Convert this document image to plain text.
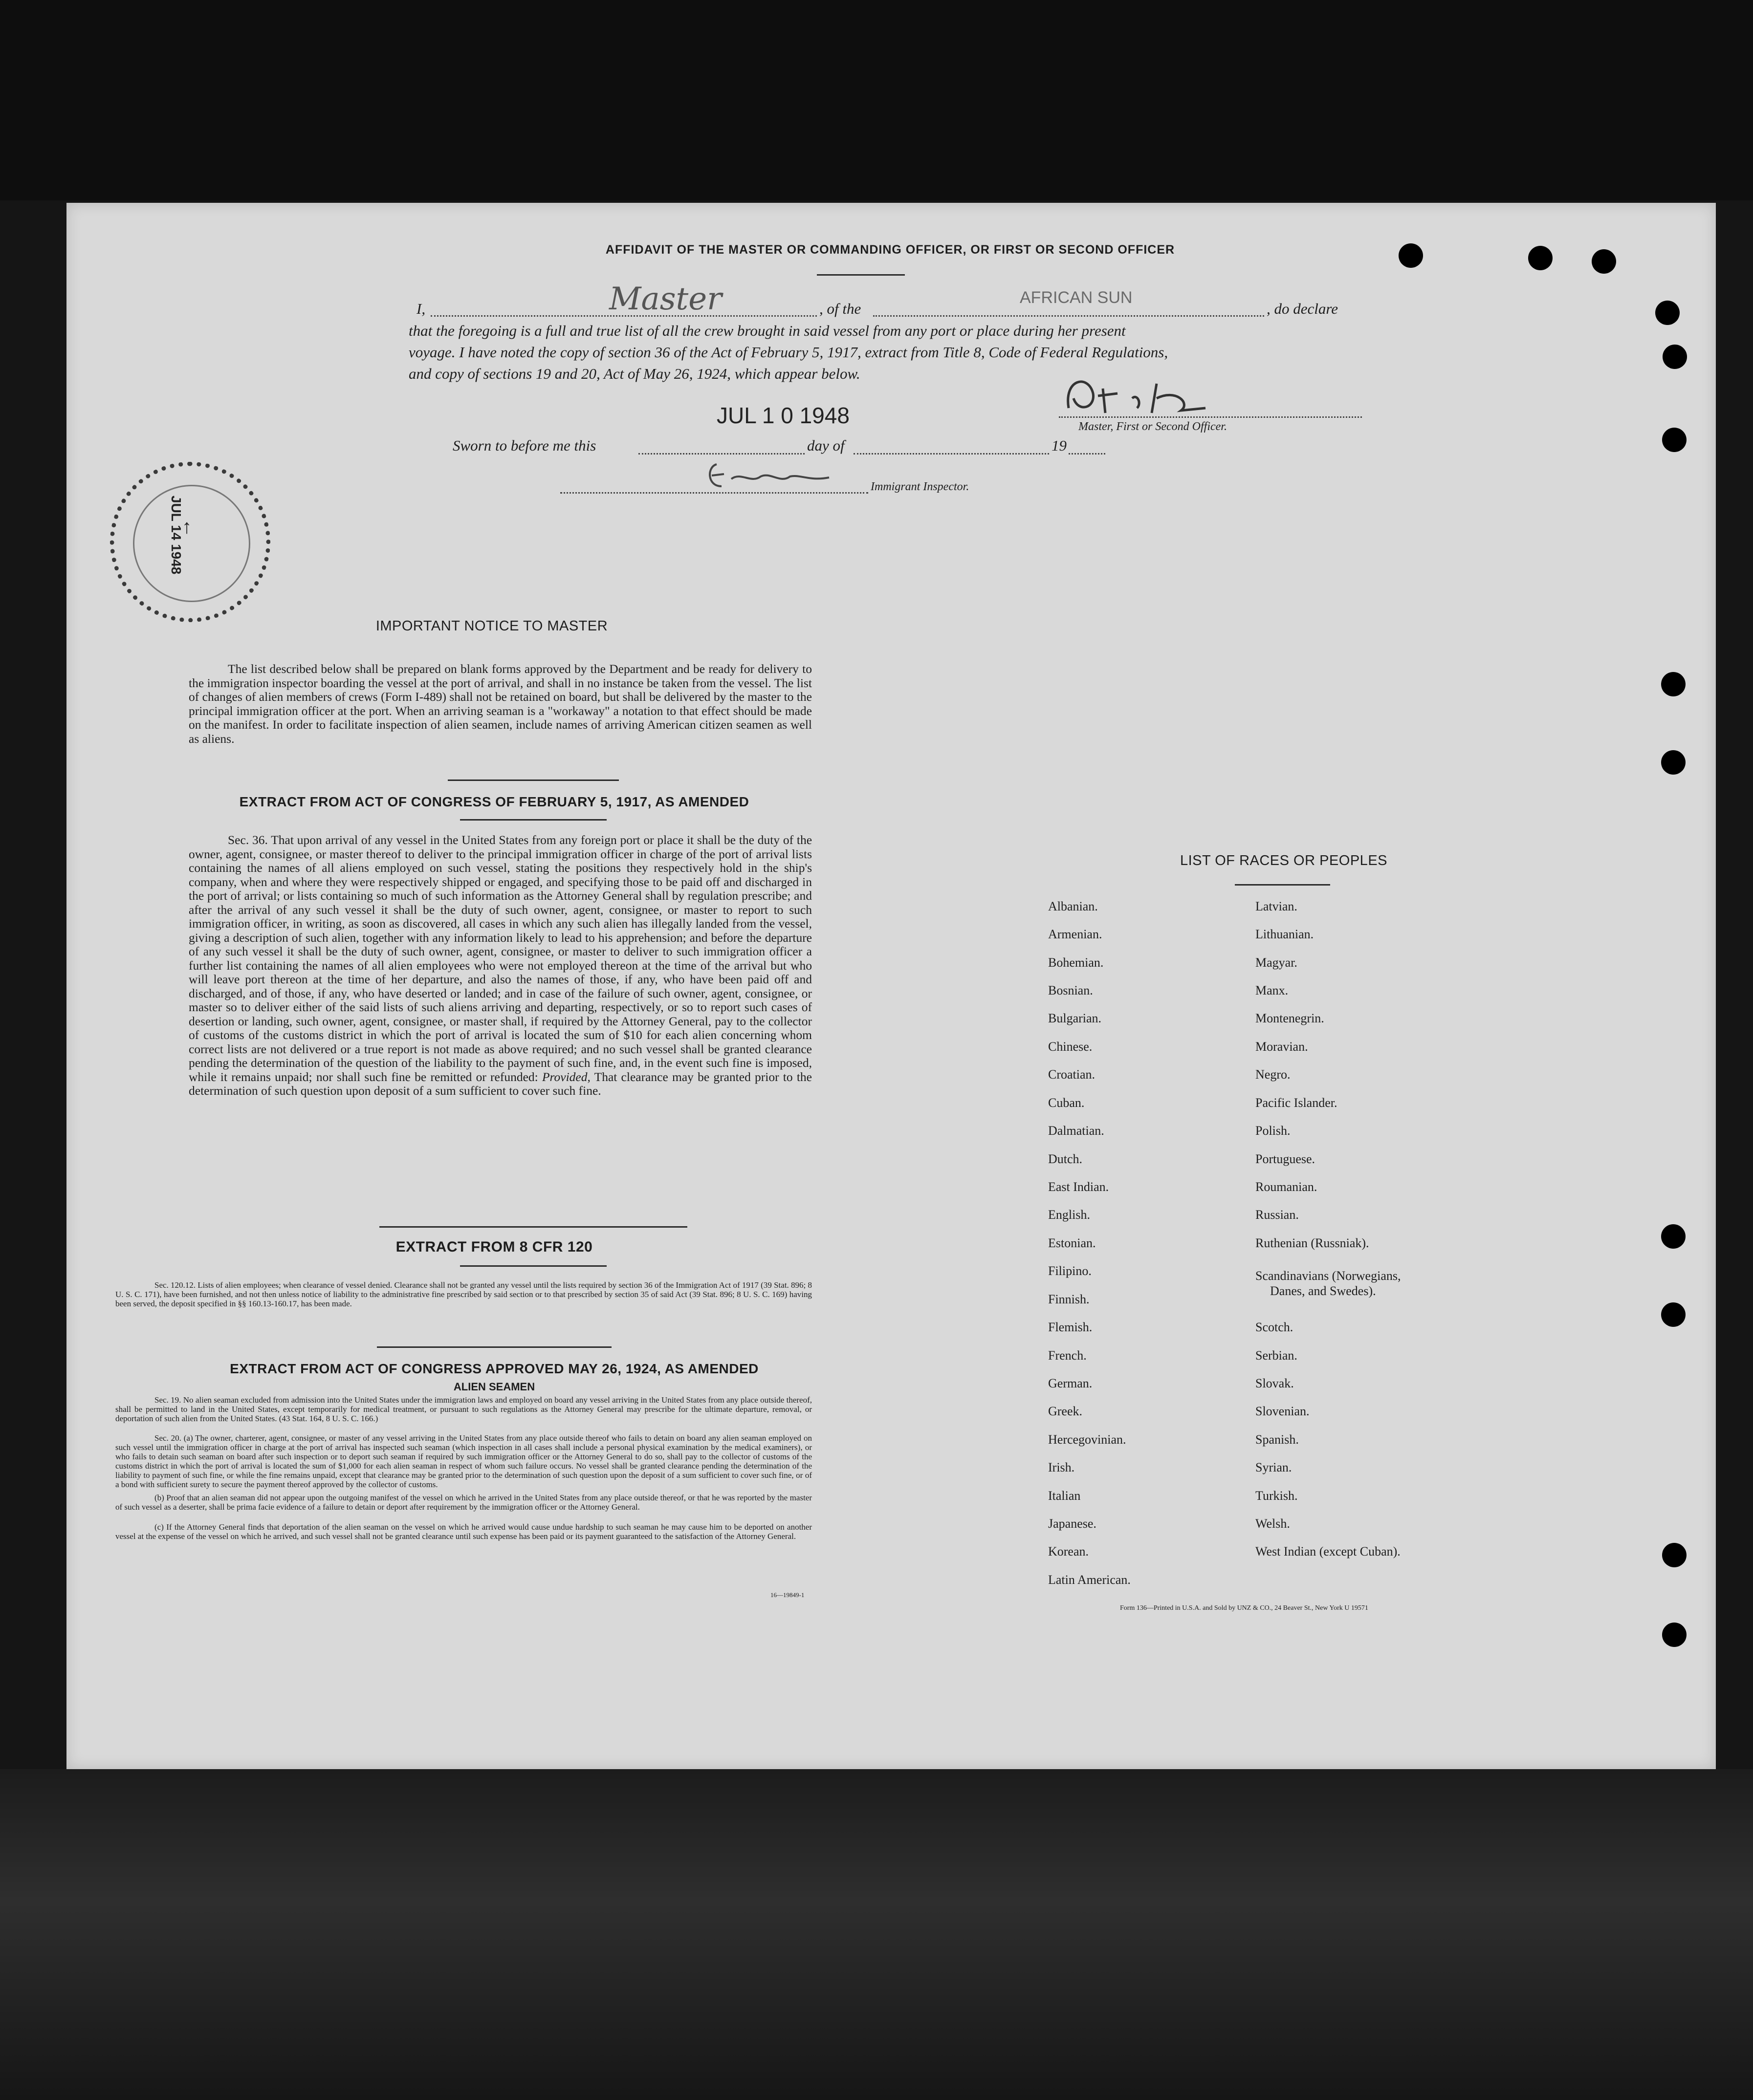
AFFIDAVIT OF THE MASTER OR COMMANDING OFFICER, OR FIRST OR SECOND OFFICER
I,	Master	, of the
AFRICAN SUN
, do declare
that the foregoing is a full and true list of all the crew brought in said vessel from any port or place during her present
voyage. I have noted the copy of section 36 of the Act of February 5, 1917, extract from Title 8, Code of Federal Regulations,
and copy of sections 19 and 20, Act of May 26, 1924, which appear below.
JUL 1 0 1948	Master, First or Second Officer.
Sworn to before me this	day of	19
Immigrant Inspector.
IMPORTANT NOTICE TO MASTER
The list described below shall be prepared on blank forms approved by the Department and be ready for delivery to the immigration inspector boarding the vessel at the port of arrival, and shall in no instance be taken from the vessel. The list of changes of alien members of crews (Form I-489) shall not be retained on board, but shall be delivered by the master to the principal immigration officer at the port. When an arriving seaman is a "workaway" a notation to that effect should be made on the manifest. In order to facilitate inspection of alien seamen, include names of arriving American citizen seamen as well as aliens.
EXTRACT FROM ACT OF CONGRESS OF FEBRUARY 5, 1917, AS AMENDED
Sec. 36. That upon arrival of any vessel in the United States from any foreign port or place it shall be the duty of the owner, agent, consignee, or master thereof to deliver to the principal immigration officer in charge of the port of arrival lists containing the names of all aliens employed on such vessel, stating the positions they respectively hold in the ship's company, when and where they were respectively shipped or engaged, and specifying those to be paid off and discharged in the port of arrival; or lists containing so much of such information as the Attorney General shall by regulation prescribe; and after the arrival of any such vessel it shall be the duty of such owner, agent, consignee, or master to report to such immigration officer, in writing, as soon as discovered, all cases in which any such alien has illegally landed from the vessel, giving a description of such alien, together with any information likely to lead to his apprehension; and before the departure of any such vessel it shall be the duty of such owner, agent, consignee, or master to deliver to such immigration officer a further list containing the names of all alien employees who were not employed thereon at the time of the arrival but who will leave port thereon at the time of her departure, and also the names of those, if any, who have been paid off and discharged, and of those, if any, who have deserted or landed; and in case of the failure of such owner, agent, consignee, or master so to deliver either of the said lists of such aliens arriving and departing, respectively, or so to report such cases of desertion or landing, such owner, agent, consignee, or master shall, if required by the Attorney General, pay to the collector of customs of the customs district in which the port of arrival is located the sum of $10 for each alien concerning whom correct lists are not delivered or a true report is not made as above required; and no such vessel shall be granted clearance pending the determination of the question of the liability to the payment of such fine, and, in the event such fine is imposed, while it remains unpaid; nor shall such fine be remitted or refunded: Provided, That clearance may be granted prior to the determination of such question upon deposit of a sum sufficient to cover such fine.
EXTRACT FROM 8 CFR 120
Sec. 120.12. Lists of alien employees; when clearance of vessel denied. Clearance shall not be granted any vessel until the lists required by section 36 of the Immigration Act of 1917 (39 Stat. 896; 8 U. S. C. 171), have been furnished, and not then unless notice of liability to the administrative fine prescribed by said section or to that prescribed by section 35 of said Act (39 Stat. 896; 8 U. S. C. 169) having been served, the deposit specified in §§ 160.13-160.17, has been made.
EXTRACT FROM ACT OF CONGRESS APPROVED MAY 26, 1924, AS AMENDED
ALIEN SEAMEN
Sec. 19. No alien seaman excluded from admission into the United States under the immigration laws and employed on board any vessel arriving in the United States from any place outside thereof, shall be permitted to land in the United States, except temporarily for medical treatment, or pursuant to such regulations as the Attorney General may prescribe for the ultimate departure, removal, or deportation of such alien from the United States. (43 Stat. 164, 8 U. S. C. 166.)
Sec. 20. (a) The owner, charterer, agent, consignee, or master of any vessel arriving in the United States from any place outside thereof who fails to detain on board any alien seaman employed on such vessel until the immigration officer in charge at the port of arrival has inspected such seaman (which inspection in all cases shall include a personal physical examination by the medical examiners), or who fails to detain such seaman on board after such inspection or to deport such seaman if required by such immigration officer or the Attorney General to do so, shall pay to the collector of customs of the customs district in which the port of arrival is located the sum of $1,000 for each alien seaman in respect of whom such failure occurs. No vessel shall be granted clearance pending the determination of the liability to payment of such fine, or while the fine remains unpaid, except that clearance may be granted prior to the determination of such question upon the deposit of a sum sufficient to cover such fine, or of a bond with sufficient surety to secure the payment thereof approved by the collector of customs.
(b) Proof that an alien seaman did not appear upon the outgoing manifest of the vessel on which he arrived in the United States from any place outside thereof, or that he was reported by the master of such vessel as a deserter, shall be prima facie evidence of a failure to detain or deport after requirement by the immigration officer or the Attorney General.
(c) If the Attorney General finds that deportation of the alien seaman on the vessel on which he arrived would cause undue hardship to such seaman he may cause him to be deported on another vessel at the expense of the vessel on which he arrived, and such vessel shall not be granted clearance until such expense has been paid or its payment guaranteed to the satisfaction of the Attorney General.
16—19849-1
LIST OF RACES OR PEOPLES
Albanian.
Armenian.
Bohemian.
Bosnian.
Bulgarian.
Chinese.
Croatian.
Cuban.
Dalmatian.
Dutch.
East Indian.
English.
Estonian.
Filipino.
Finnish.
Flemish.
French.
German.
Greek.
Hercegovinian.
Irish.
Italian
Japanese.
Korean.
Latin American.
Latvian.
Lithuanian.
Magyar.
Manx.
Montenegrin.
Moravian.
Negro.
Pacific Islander.
Polish.
Portuguese.
Roumanian.
Russian.
Ruthenian (Russniak).
Scandinavians (Norwegians,
Danes, and Swedes).
Scotch.
Serbian.
Slovak.
Slovenian.
Spanish.
Syrian.
Turkish.
Welsh.
West Indian (except Cuban).
Form 136—Printed in U.S.A. and Sold by UNZ & CO., 24 Beaver St., New York U 19571
↑
JUL 14 1948
